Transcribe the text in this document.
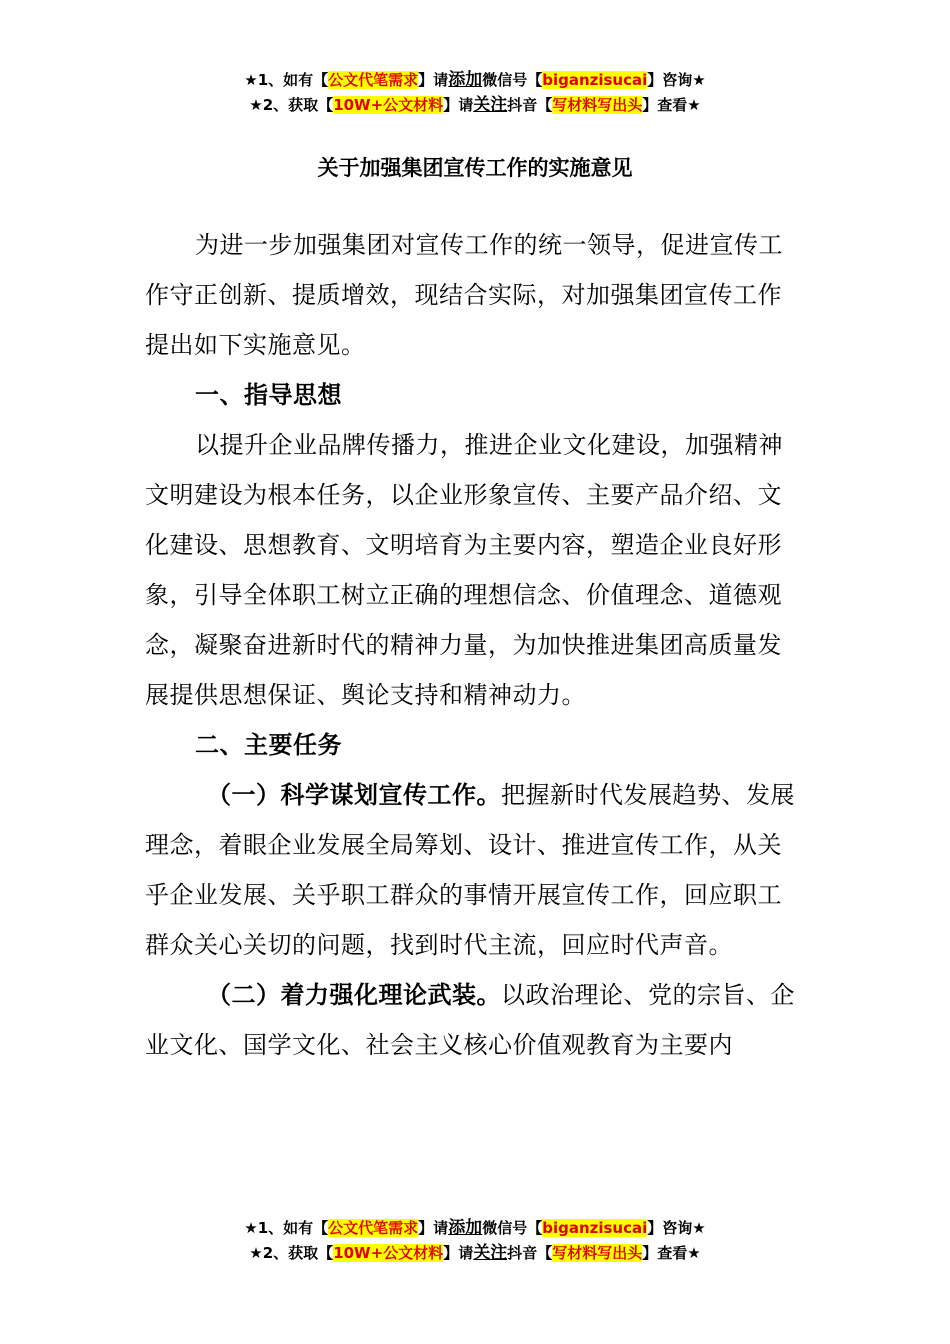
★1、如有【公文代笔需求】请添加微信号【biganzisucai】咨询★
★2、获取【10W+公文材料】请关注抖音【写材料写出头】查看★
关于加强集团宣传工作的实施意见

为进一步加强集团对宣传工作的统一领导，促进宣传工作守正创新、提质增效，现结合实际，对加强集团宣传工作提出如下实施意见。

一、指导思想

以提升企业品牌传播力，推进企业文化建设，加强精神文明建设为根本任务，以企业形象宣传、主要产品介绍、文化建设、思想教育、文明培育为主要内容，塑造企业良好形象，引导全体职工树立正确的理想信念、价值理念、道德观念，凝聚奋进新时代的精神力量，为加快推进集团高质量发展提供思想保证、舆论支持和精神动力。

二、主要任务

（一）科学谋划宣传工作。把握新时代发展趋势、发展理念，着眼企业发展全局筹划、设计、推进宣传工作，从关乎企业发展、关乎职工群众的事情开展宣传工作，回应职工群众关心关切的问题，找到时代主流，回应时代声音。

（二）着力强化理论武装。以政治理论、党的宗旨、企业文化、国学文化、社会主义核心价值观教育为主要内

★1、如有【公文代笔需求】请添加微信号【biganzisucai】咨询★
★2、获取【10W+公文材料】请关注抖音【写材料写出头】查看★
